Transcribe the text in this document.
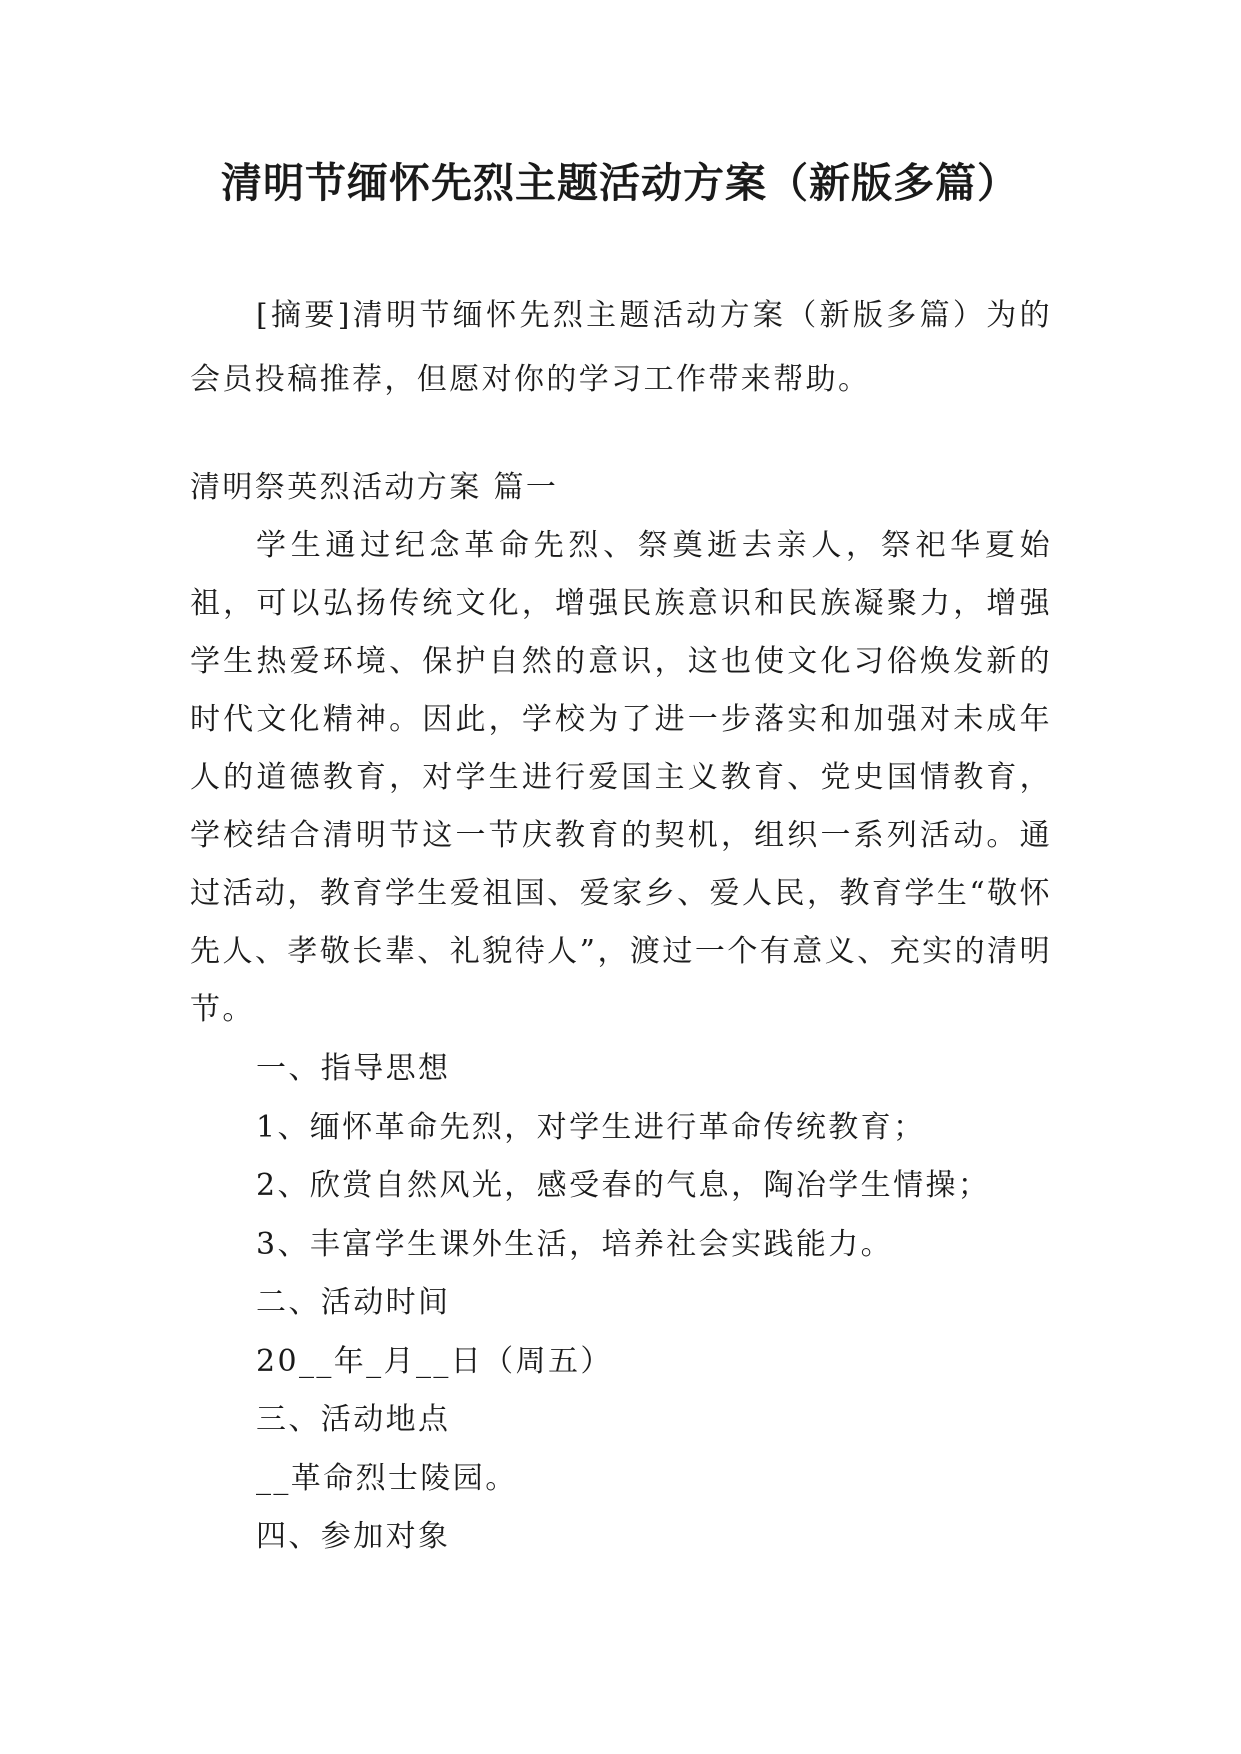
清明节缅怀先烈主题活动方案（新版多篇）

[摘要]清明节缅怀先烈主题活动方案（新版多篇）为的会员投稿推荐，但愿对你的学习工作带来帮助。

清明祭英烈活动方案 篇一

学生通过纪念革命先烈、祭奠逝去亲人，祭祀华夏始祖，可以弘扬传统文化，增强民族意识和民族凝聚力，增强学生热爱环境、保护自然的意识，这也使文化习俗焕发新的时代文化精神。因此，学校为了进一步落实和加强对未成年人的道德教育，对学生进行爱国主义教育、党史国情教育，学校结合清明节这一节庆教育的契机，组织一系列活动。通过活动，教育学生爱祖国、爱家乡、爱人民，教育学生“敬怀先人、孝敬长辈、礼貌待人”，渡过一个有意义、充实的清明节。

一、指导思想
1、缅怀革命先烈，对学生进行革命传统教育；
2、欣赏自然风光，感受春的气息，陶冶学生情操；
3、丰富学生课外生活，培养社会实践能力。
二、活动时间
20__年_月__日（周五）
三、活动地点
__革命烈士陵园。
四、参加对象
